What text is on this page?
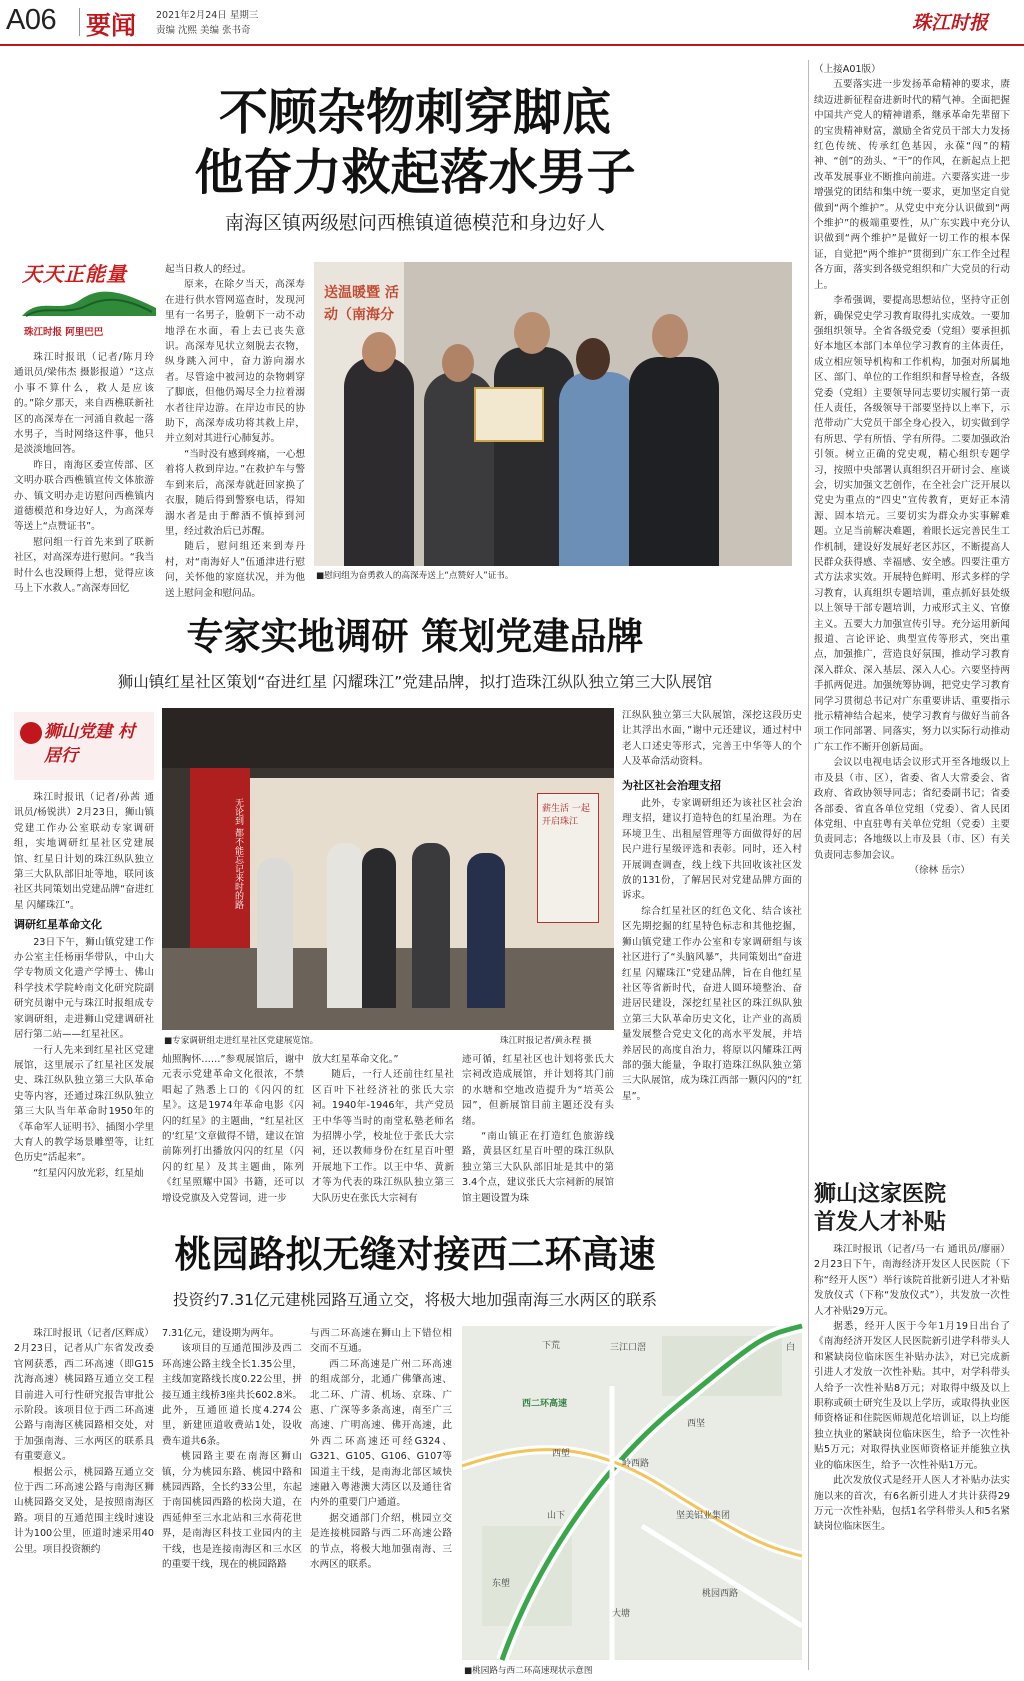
A06 要闻 2021年2月24日 星期三
责编 沈熙 美编 张书奇	珠江时报
不顾杂物刺穿脚底
他奋力救起落水男子
南海区镇两级慰问西樵镇道德模范和身边好人
天天正能量
珠江时报 阿里巴巴

珠江时报讯（记者/陈月玲 通讯员/梁伟杰 摄影报道）“这点小事不算什么，救人是应该的。”除夕那天，来自西樵联新社区的高深寿在一河涌自救起一落水男子，当时网络这件事，他只是淡淡地回答。

昨日，南海区委宣传部、区文明办联合西樵镇宣传文体旅游办、镇文明办走访慰问西樵镇内道德模范和身边好人，为高深寿等送上“点赞证书”。

慰问组一行首先来到了联新社区，对高深寿进行慰问。“我当时什么也没顾得上想，觉得应该马上下水救人。”高深寿回忆

起当日救人的经过。

原来，在除夕当天，高深寿在进行供水管网巡查时，发现河里有一名男子，脸朝下一动不动地浮在水面，看上去已丧失意识。高深寿见状立刻脱去衣物，纵身跳入河中，奋力游向溺水者。尽管途中被河边的杂物刺穿了脚底，但他仍竭尽全力拉着溺水者往岸边游。在岸边市民的协助下，高深寿成功将其救上岸，并立刻对其进行心肺复苏。

“当时没有感到疼痛，一心想着将人救到岸边。”在救护车与警车到来后，高深寿就赶回家换了衣服，随后得到警察电话，得知溺水者是由于醉酒不慎掉到河里，经过救治后已苏醒。

随后，慰问组还来到寿丹村，对“南海好人”伍通津进行慰问，关怀他的家庭状况，并为他送上慰问金和慰问品。

送温暖暨 活动（南海分
■慰问组为奋勇救人的高深寿送上“点赞好人”证书。
专家实地调研 策划党建品牌
狮山镇红星社区策划“奋进红星 闪耀珠江”党建品牌，拟打造珠江纵队独立第三大队展馆
狮山党建 村居行

珠江时报讯（记者/孙茜 通讯员/杨锐洪）2月23日，狮山镇党建工作办公室联动专家调研组，实地调研红星社区党建展馆、红星日计划的珠江纵队独立第三大队队部旧址等地，联同该社区共同策划出党建品牌“奋进红星 闪耀珠江”。

调研红星革命文化

23日下午，狮山镇党建工作办公室主任杨丽华带队，中山大学专物质文化遗产学博士、佛山科学技术学院岭南文化研究院副研究员谢中元与珠江时报组成专家调研组，走进狮山党建调研社居行第二站——红星社区。

一行人先来到红星社区党建展馆，这里展示了红星社区发展史、珠江纵队独立第三大队革命史等内容，还通过珠江纵队独立第三大队当年革命时1950年的《革命军人证明书》、插图小学里大育人的教学场景雕塑等，让红色历史“活起来”。

“红星闪闪放光彩，红星灿

无论到 都不能忘记来时的路	薪生活 一起开启珠江
■专家调研组走进红星社区党建展览馆。	珠江时报记者/黄永程 摄

灿照胸怀……”参观展馆后，谢中元表示党建革命文化很浓，不禁唱起了熟悉上口的《闪闪的红星》。这是1974年革命电影《闪闪的红星》的主题曲，“红星社区的‘红星’文章做得不错，建议在馆前陈列打出播放闪闪的红星（闪闪的红星）及其主题曲，陈列《红星照耀中国》书籍，还可以增设党旗及入党誓词，进一步

放大红星革命文化。”

随后，一行人还前往红星社区百叶下社经济社的张氏大宗祠。1940年-1946年，共产党员王中华等当时的南堂私塾老师名为招牌小学，校址位于张氏大宗祠，还以教师身份在红星百叶塱开展地下工作。以王中华、黄新才等为代表的珠江纵队独立第三大队历史在张氏大宗祠有

迹可循，红星社区也计划将张氏大宗祠改造成展馆，并计划将其门前的水塘和空地改造提升为“培英公园”，但新展馆目前主题还没有头绪。

“南山镇正在打造红色旅游线路，黄县区红星百叶塱的珠江纵队独立第三大队队部旧址是其中的第3.4个点，建议张氏大宗祠新的展馆馆主题设置为珠

江纵队独立第三大队展馆，深挖这段历史让其浮出水面，”谢中元还建议，通过村中老人口述史等形式，完善王中华等人的个人及革命活动资料。

为社区社会治理支招

此外，专家调研组还为该社区社会治理支招，建议打造特色的红星治理。为在环境卫生、出租屋管理等方面做得好的居民户进行星级评选和表彰。同时，还入村开展调查调查，线上线下共回收该社区发放的131份，了解居民对党建品牌方面的诉求。

综合红星社区的红色文化、结合该社区先期挖掘的红星特色标志和其他挖掘，狮山镇党建工作办公室和专家调研组与该社区进行了“头脑风暴”，共同策划出“奋进红星 闪耀珠江”党建品牌，旨在自他红星社区等省新时代，奋进人圆环境整治、奋进居民建设，深挖红星社区的珠江纵队独立第三大队革命历史文化，让产业的高质量发展整合党史文化的高水平发展，并培养居民的高度自治力，将原以闪耀珠江两部的强大能量，争取打造珠江纵队独立第三大队展馆，成为珠江西部一颗闪闪的“红星”。

桃园路拟无缝对接西二环高速
投资约7.31亿元建桃园路互通立交，将极大地加强南海三水两区的联系

珠江时报讯（记者/区辉成）2月23日，记者从广东省发改委官网获悉，西二环高速（即G15沈海高速）桃园路互通立交工程目前进入可行性研究报告审批公示阶段。该项目位于西二环高速公路与南海区桃园路相交处，对于加强南海、三水两区的联系具有重要意义。

根据公示，桃园路互通立交位于西二环高速公路与南海区狮山桃园路交叉处，是按照南海区路。项目的互通范围主线时速设计为100公里，匝道时速采用40公里。项目投资额约

7.31亿元，建设期为两年。

该项目的互通范围涉及西二环高速公路主线全长1.35公里，主线加宽路线长度0.22公里，拼接互通主线桥3座共长602.8米。此外，互通匝道长度4.274公里，新建匝道收费站1处，设收费车道共6条。

桃园路主要在南海区狮山镇，分为桃园东路、桃园中路和桃园西路，全长约33公里，东起于南国桃园西路的松岗大道，在西延伸至三水北站和三水荷花世界，是南海区科技工业园内的主干线，也是连接南海区和三水区的重要干线，现在的桃园路路

与西二环高速在狮山上下错位相交而不互通。

西二环高速是广州二环高速的组成部分，北通广佛肇高速、北二环、广清、机场、京珠、广惠、广深等多条高速，南至广三高速、广明高速、佛开高速，此外西二环高速还可经G324、G321、G105、G106、G107等国道主干线，是南海北部区域快速融入粤港澳大湾区以及通往省内外的重要门户通道。

据交通部门介绍，桃园立交是连接桃园路与西二环高速公路的节点，将极大地加强南海、三水两区的联系。

三江口滘
下荒	白
西坚
西塱
岭西路
山下	坚美铝业集团
东塱
大塘
桃园西路
西二环高速
■桃园路与西二环高速现状示意图
（上接A01版）

五要落实进一步发扬革命精神的要求，赓续迈进新征程奋进新时代的精气神。全面把握中国共产党人的精神谱系，继承革命先辈留下的宝贵精神财富，激励全省党员干部大力发扬红色传统、传承红色基因，永葆“闯”的精神、“创”的劲头、“干”的作风，在新起点上把改革发展事业不断推向前进。六要落实进一步增强党的团结和集中统一要求，更加坚定自觉做到“两个维护”。从党史中充分认识做到“两个维护”的极端重要性，从广东实践中充分认识做到“两个维护”是做好一切工作的根本保证，自觉把“两个维护”贯彻到广东工作全过程各方面，落实到各级党组织和广大党员的行动上。

李希强调，要提高思想站位，坚持守正创新，确保党史学习教育取得扎实成效。一要加强组织领导。全省各级党委（党组）要承担抓好本地区本部门本单位学习教育的主体责任，成立相应领导机构和工作机构，加强对所属地区、部门、单位的工作组织和督导检查，各级党委（党组）主要领导同志要切实履行第一责任人责任，各级领导干部要坚持以上率下，示范带动广大党员干部全身心投入，切实做到学有所思、学有所悟、学有所得。二要加强政治引领。树立正确的党史观，精心组织专题学习，按照中央部署认真组织召开研讨会、座谈会，切实加强文艺创作，在全社会广泛开展以党史为重点的“四史”宣传教育，更好正本清源、固本培元。三要切实为群众办实事解难题。立足当前解决难题，着眼长远完善民生工作机制，建设好发展好老区苏区，不断提高人民群众获得感、幸福感、安全感。四要注重方式方法求实效。开展特色鲜明、形式多样的学习教育，认真组织专题培训，重点抓好县处级以上领导干部专题培训，力戒形式主义、官僚主义。五要大力加强宣传引导。充分运用新闻报道、言论评论、典型宣传等形式，突出重点，加强推广，营造良好氛围，推动学习教育深入群众、深入基层、深入人心。六要坚持两手抓两促进。加强统筹协调，把党史学习教育同学习贯彻总书记对广东重要讲话、重要指示批示精神结合起来，使学习教育与做好当前各项工作同部署、同落实，努力以实际行动推动广东工作不断开创新局面。

会议以电视电话会议形式开至各地级以上市及县（市、区），省委、省人大常委会、省政府、省政协领导同志；省纪委副书记；省委各部委、省直各单位党组（党委）、省人民团体党组、中直驻粤有关单位党组（党委）主要负责同志；各地级以上市及县（市、区）有关负责同志参加会议。

（徐林 岳宗）
狮山这家医院
首发人才补贴

珠江时报讯（记者/马一右 通讯员/廖丽）2月23日下午，南海经济开发区人民医院（下称“经开人医”）举行该院首批新引进人才补贴发放仪式（下称“发放仪式”），共发放一次性人才补贴29万元。

据悉，经开人医于今年1月19日出台了《南海经济开发区人民医院新引进学科带头人和紧缺岗位临床医生补贴办法》，对已完成新引进人才发放一次性补贴。其中，对学科带头人给予一次性补贴8万元；对取得中级及以上职称或硕士研究生及以上学历，或取得执业医师资格证和住院医师规范化培训证，以上均能独立执业的紧缺岗位临床医生，给予一次性补贴5万元；对取得执业医师资格证并能独立执业的临床医生，给予一次性补贴1万元。

此次发放仪式是经开人医人才补贴办法实施以来的首次，有6名新引进人才共计获得29万元一次性补贴，包括1名学科带头人和5名紧缺岗位临床医生。
